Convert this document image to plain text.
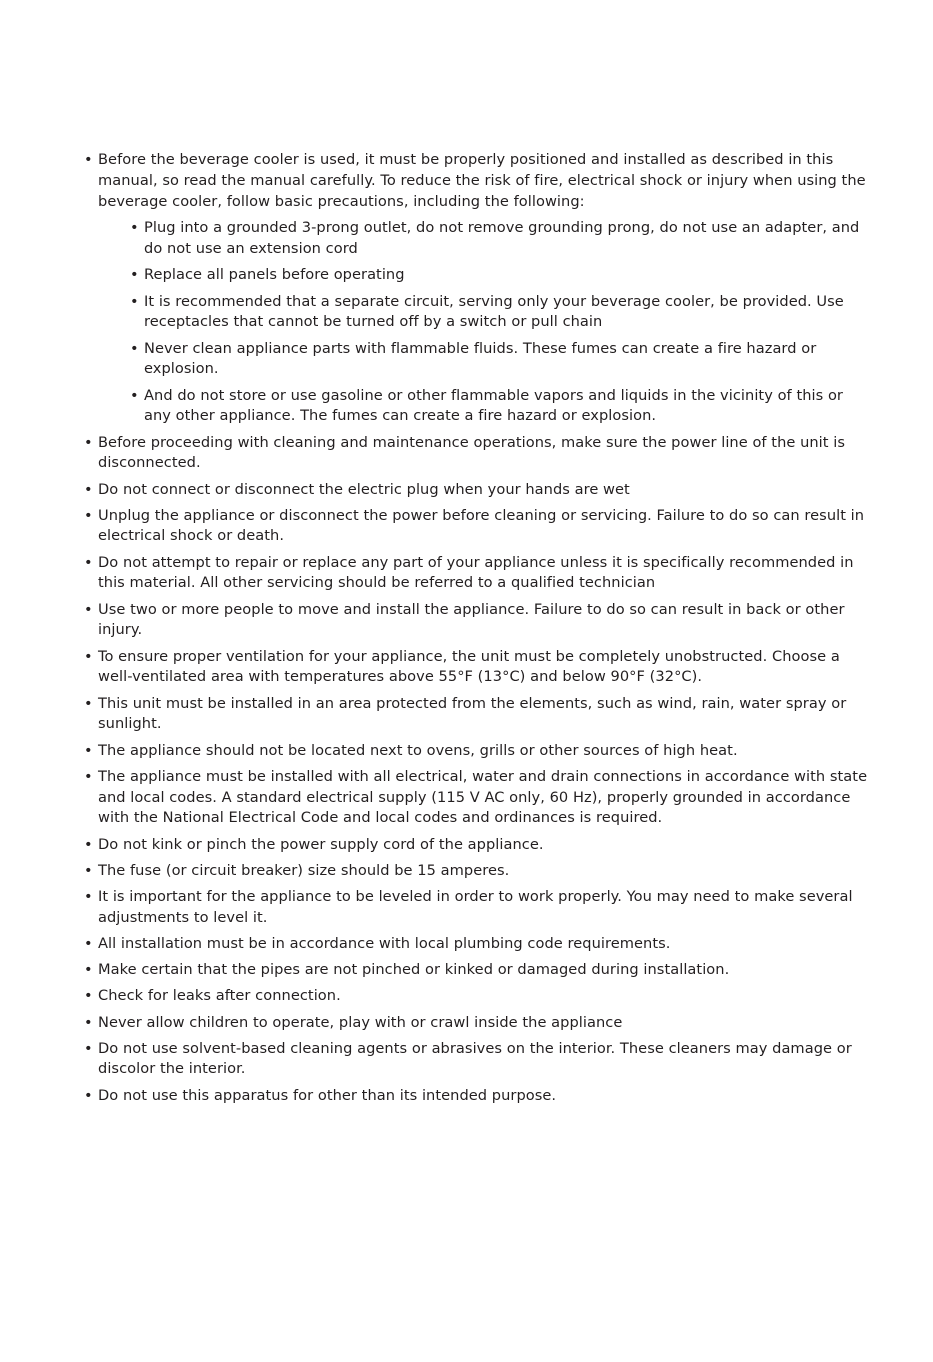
• Before the beverage cooler is used, it must be properly positioned and installed as described in this manual, so read the manual carefully. To reduce the risk of fire, electrical shock or injury when using the beverage cooler, follow basic precautions, including the following:
• Plug into a grounded 3-prong outlet, do not remove grounding prong, do not use an adapter, and do not use an extension cord
• Replace all panels before operating
• It is recommended that a separate circuit, serving only your beverage cooler, be provided. Use receptacles that cannot be turned off by a switch or pull chain
• Never clean appliance parts with flammable fluids. These fumes can create a fire hazard or explosion.
• And do not store or use gasoline or other flammable vapors and liquids in the vicinity of this or any other appliance. The fumes can create a fire hazard or explosion.
• Before proceeding with cleaning and maintenance operations, make sure the power line of the unit is disconnected.
• Do not connect or disconnect the electric plug when your hands are wet
• Unplug the appliance or disconnect the power before cleaning or servicing. Failure to do so can result in electrical shock or death.
• Do not attempt to repair or replace any part of your appliance unless it is specifically recommended in this material. All other servicing should be referred to a qualified technician
• Use two or more people to move and install the appliance. Failure to do so can result in back or other injury.
• To ensure proper ventilation for your appliance, the unit must be completely unobstructed. Choose a well-ventilated area with temperatures above 55°F (13°C) and below 90°F (32°C).
• This unit must be installed in an area protected from the elements, such as wind, rain, water spray or sunlight.
• The appliance should not be located next to ovens, grills or other sources of high heat.
• The appliance must be installed with all electrical, water and drain connections in accordance with state and local codes. A standard electrical supply (115 V AC only, 60 Hz), properly grounded in accordance with the National Electrical Code and local codes and ordinances is required.
• Do not kink or pinch the power supply cord of the appliance.
• The fuse (or circuit breaker) size should be 15 amperes.
• It is important for the appliance to be leveled in order to work properly. You may need to make several adjustments to level it.
• All installation must be in accordance with local plumbing code requirements.
• Make certain that the pipes are not pinched or kinked or damaged during installation.
• Check for leaks after connection.
• Never allow children to operate, play with or crawl inside the appliance
• Do not use solvent-based cleaning agents or abrasives on the interior. These cleaners may damage or discolor the interior.
• Do not use this apparatus for other than its intended purpose.
